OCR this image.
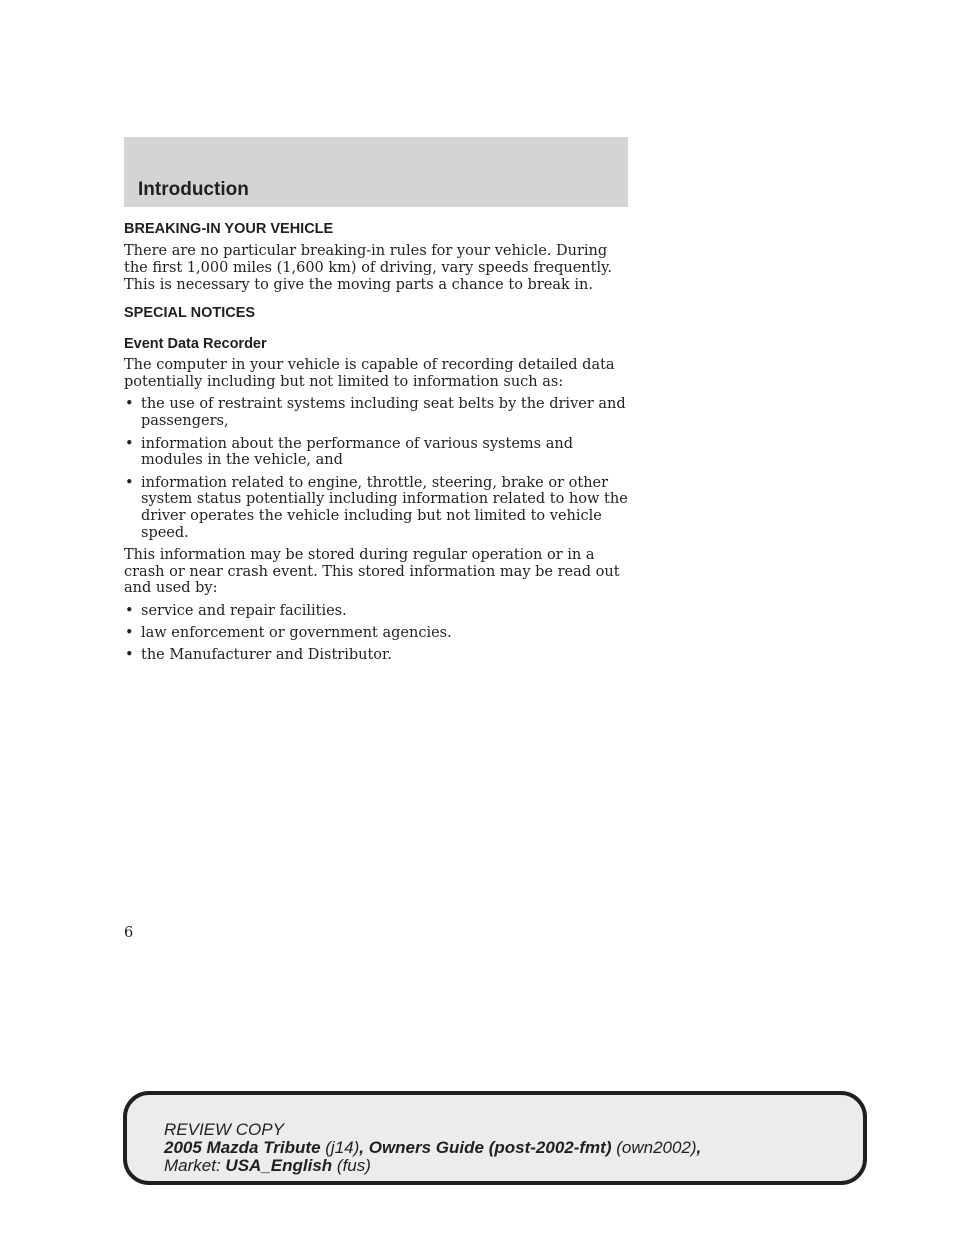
Introduction
BREAKING-IN YOUR VEHICLE

There are no particular breaking-in rules for your vehicle. During the first 1,000 miles (1,600 km) of driving, vary speeds frequently. This is necessary to give the moving parts a chance to break in.

SPECIAL NOTICES
Event Data Recorder

The computer in your vehicle is capable of recording detailed data potentially including but not limited to information such as:

• the use of restraint systems including seat belts by the driver and passengers,
• information about the performance of various systems and modules in the vehicle, and
• information related to engine, throttle, steering, brake or other system status potentially including information related to how the driver operates the vehicle including but not limited to vehicle speed.

This information may be stored during regular operation or in a crash or near crash event. This stored information may be read out and used by:

• service and repair facilities.
• law enforcement or government agencies.
• the Manufacturer and Distributor.
6
REVIEW COPY
2005 Mazda Tribute (j14), Owners Guide (post-2002-fmt) (own2002),
Market: USA_English (fus)
